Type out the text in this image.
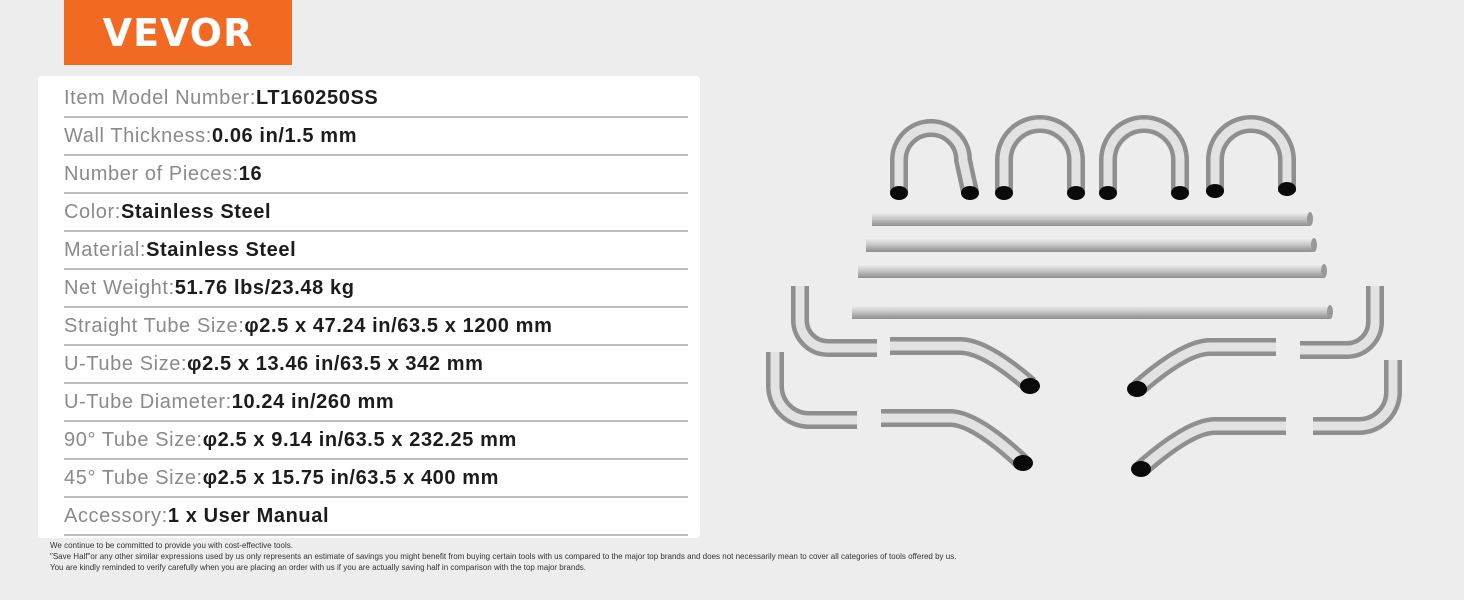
VEVOR
Item Model Number: LT160250SS
Wall Thickness: 0.06 in/1.5 mm
Number of Pieces: 16
Color: Stainless Steel
Material: Stainless Steel
Net Weight: 51.76 lbs/23.48 kg
Straight Tube Size: φ2.5 x 47.24 in/63.5 x 1200 mm
U-Tube Size: φ2.5 x 13.46 in/63.5 x 342 mm
U-Tube Diameter: 10.24 in/260 mm
90° Tube Size: φ2.5 x 9.14 in/63.5 x 232.25 mm
45° Tube Size: φ2.5 x 15.75 in/63.5 x 400 mm
Accessory: 1 x User Manual
We continue to be committed to provide you with cost-effective tools.
"Save Half"or any other similar expressions used by us only represents an estimate of savings you might benefit from buying certain tools with us compared to the major top brands and does not necessarily mean to cover all categories of tools offered by us.
You are kindly reminded to verify carefully when you are placing an order with us if you are actually saving half in comparison with the top major brands.
